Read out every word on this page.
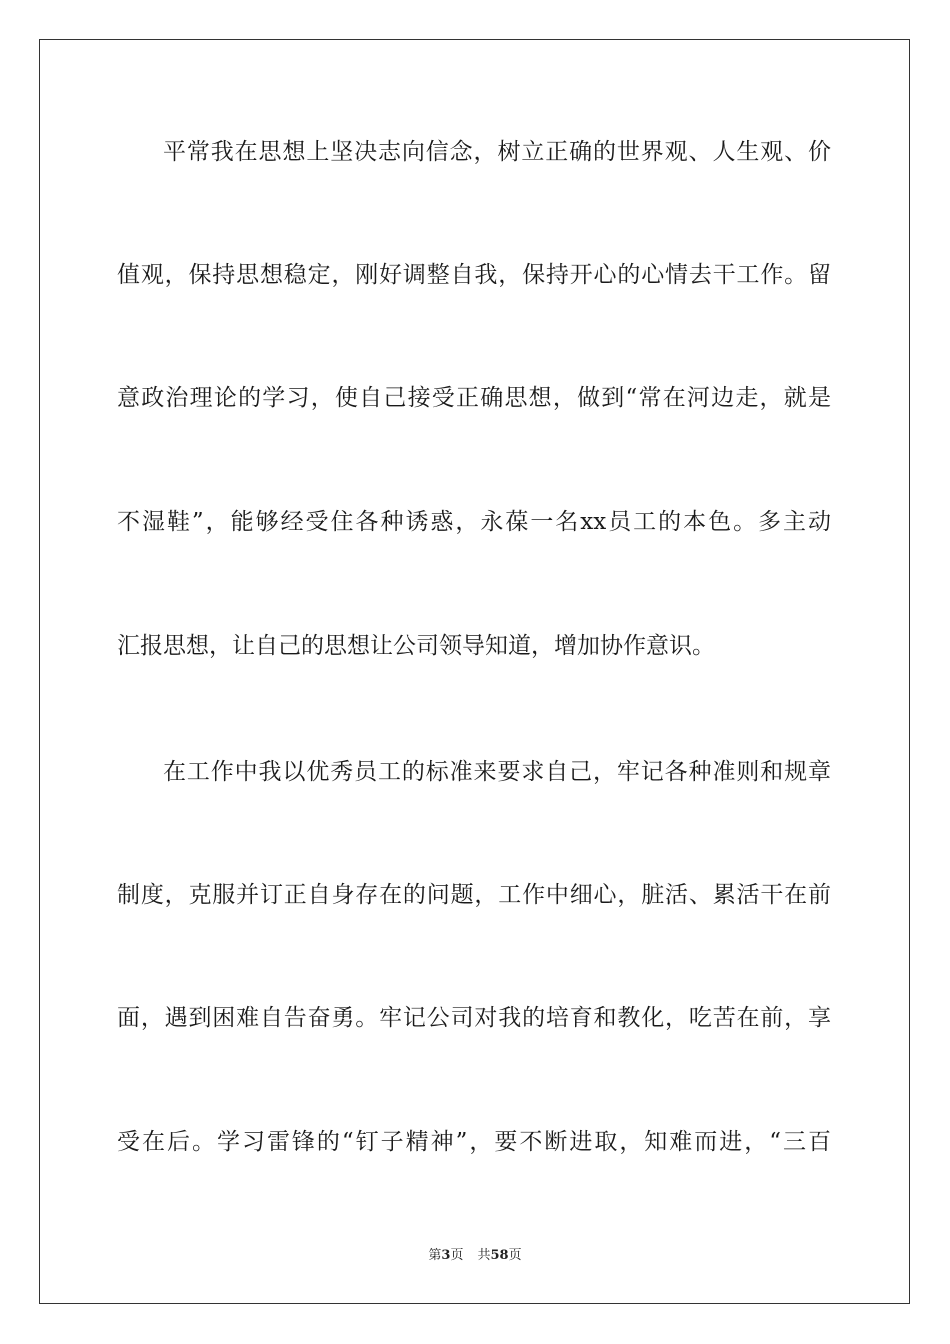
平常我在思想上坚决志向信念，树立正确的世界观、人生观、价
值观，保持思想稳定，刚好调整自我，保持开心的心情去干工作。留
意政治理论的学习，使自己接受正确思想，做到“常在河边走，就是
不湿鞋”，能够经受住各种诱惑，永葆一名xx员工的本色。多主动
汇报思想，让自己的思想让公司领导知道，增加协作意识。
在工作中我以优秀员工的标准来要求自己，牢记各种准则和规章
制度，克服并订正自身存在的问题，工作中细心，脏活、累活干在前
面，遇到困难自告奋勇。牢记公司对我的培育和教化，吃苦在前，享
受在后。学习雷锋的“钉子精神”，要不断进取，知难而进，“三百
第3页 共58页
